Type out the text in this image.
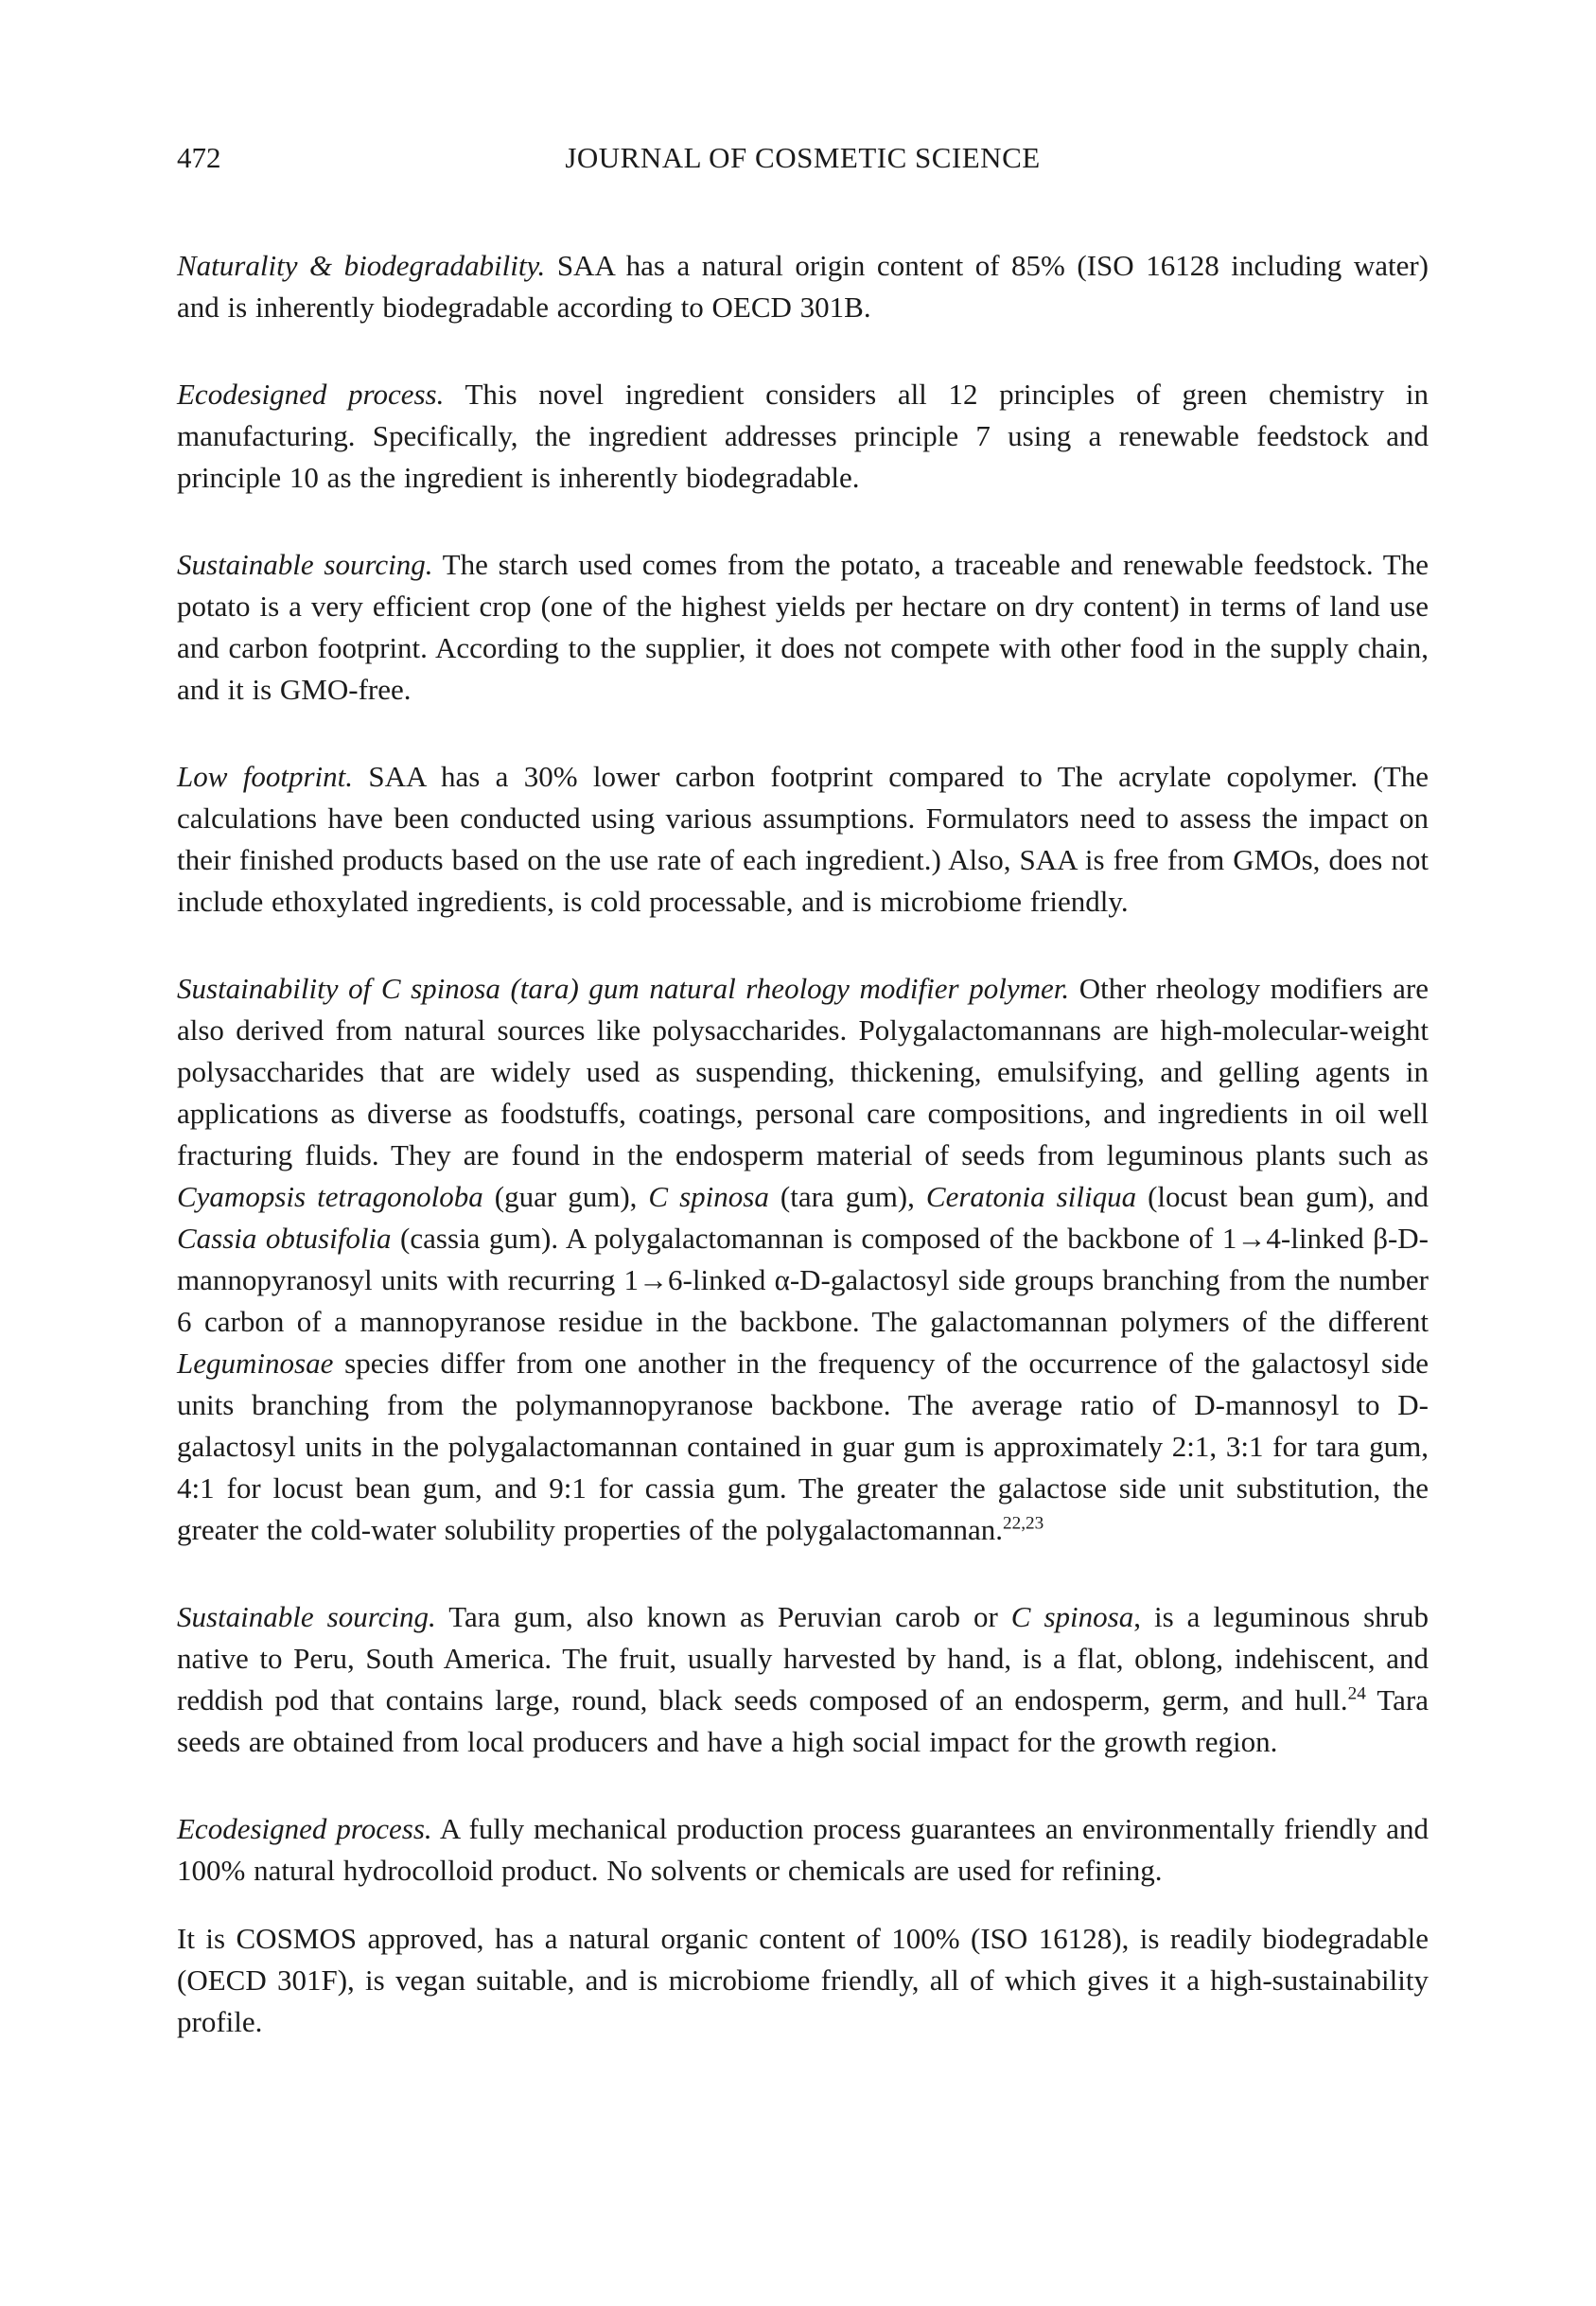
472	JOURNAL OF COSMETIC SCIENCE

Naturality & biodegradability. SAA has a natural origin content of 85% (ISO 16128 including water) and is inherently biodegradable according to OECD 301B.

Ecodesigned process. This novel ingredient considers all 12 principles of green chemistry in manufacturing. Specifically, the ingredient addresses principle 7 using a renewable feedstock and principle 10 as the ingredient is inherently biodegradable.

Sustainable sourcing. The starch used comes from the potato, a traceable and renewable feedstock. The potato is a very efficient crop (one of the highest yields per hectare on dry content) in terms of land use and carbon footprint. According to the supplier, it does not compete with other food in the supply chain, and it is GMO-free.

Low footprint. SAA has a 30% lower carbon footprint compared to The acrylate copolymer. (The calculations have been conducted using various assumptions. Formulators need to assess the impact on their finished products based on the use rate of each ingredient.) Also, SAA is free from GMOs, does not include ethoxylated ingredients, is cold processable, and is microbiome friendly.

Sustainability of C spinosa (tara) gum natural rheology modifier polymer. Other rheology modifiers are also derived from natural sources like polysaccharides. Polygalactomannans are high-molecular-weight polysaccharides that are widely used as suspending, thickening, emulsifying, and gelling agents in applications as diverse as foodstuffs, coatings, personal care compositions, and ingredients in oil well fracturing fluids. They are found in the endosperm material of seeds from leguminous plants such as Cyamopsis tetragonoloba (guar gum), C spinosa (tara gum), Ceratonia siliqua (locust bean gum), and Cassia obtusifolia (cassia gum). A polygalactomannan is composed of the backbone of 1→4-linked β-D-mannopyranosyl units with recurring 1→6-linked α-D-galactosyl side groups branching from the number 6 carbon of a mannopyranose residue in the backbone. The galactomannan polymers of the different Leguminosae species differ from one another in the frequency of the occurrence of the galactosyl side units branching from the polymannopyranose backbone. The average ratio of D-mannosyl to D-galactosyl units in the polygalactomannan contained in guar gum is approximately 2:1, 3:1 for tara gum, 4:1 for locust bean gum, and 9:1 for cassia gum. The greater the galactose side unit substitution, the greater the cold-water solubility properties of the polygalactomannan.$^{22,23}$

Sustainable sourcing. Tara gum, also known as Peruvian carob or C spinosa, is a leguminous shrub native to Peru, South America. The fruit, usually harvested by hand, is a flat, oblong, indehiscent, and reddish pod that contains large, round, black seeds composed of an endosperm, germ, and hull.$^{24}$ Tara seeds are obtained from local producers and have a high social impact for the growth region.

Ecodesigned process. A fully mechanical production process guarantees an environmentally friendly and 100% natural hydrocolloid product. No solvents or chemicals are used for refining.

It is COSMOS approved, has a natural organic content of 100% (ISO 16128), is readily biodegradable (OECD 301F), is vegan suitable, and is microbiome friendly, all of which gives it a high-sustainability profile.
